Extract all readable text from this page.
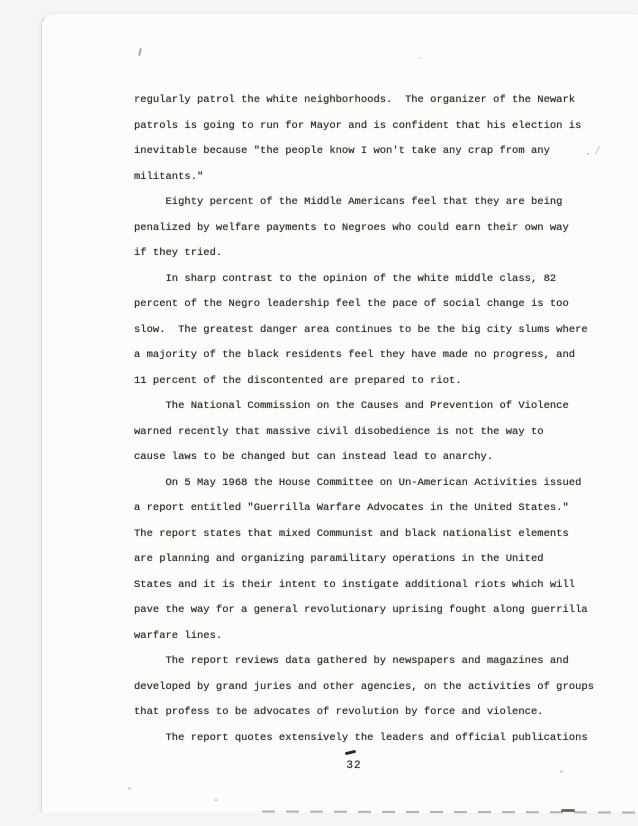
regularly patrol the white neighborhoods.  The organizer of the Newark
patrols is going to run for Mayor and is confident that his election is
inevitable because "the people know I won't take any crap from any
militants."
Eighty percent of the Middle Americans feel that they are being
penalized by welfare payments to Negroes who could earn their own way
if they tried.
In sharp contrast to the opinion of the white middle class, 82
percent of the Negro leadership feel the pace of social change is too
slow.  The greatest danger area continues to be the big city slums where
a majority of the black residents feel they have made no progress, and
11 percent of the discontented are prepared to riot.
The National Commission on the Causes and Prevention of Violence
warned recently that massive civil disobedience is not the way to
cause laws to be changed but can instead lead to anarchy.
On 5 May 1968 the House Committee on Un-American Activities issued
a report entitled "Guerrilla Warfare Advocates in the United States."
The report states that mixed Communist and black nationalist elements
are planning and organizing paramilitary operations in the United
States and it is their intent to instigate additional riots which will
pave the way for a general revolutionary uprising fought along guerrilla
warfare lines.
The report reviews data gathered by newspapers and magazines and
developed by grand juries and other agencies, on the activities of groups
that profess to be advocates of revolution by force and violence.
The report quotes extensively the leaders and official publications
32
